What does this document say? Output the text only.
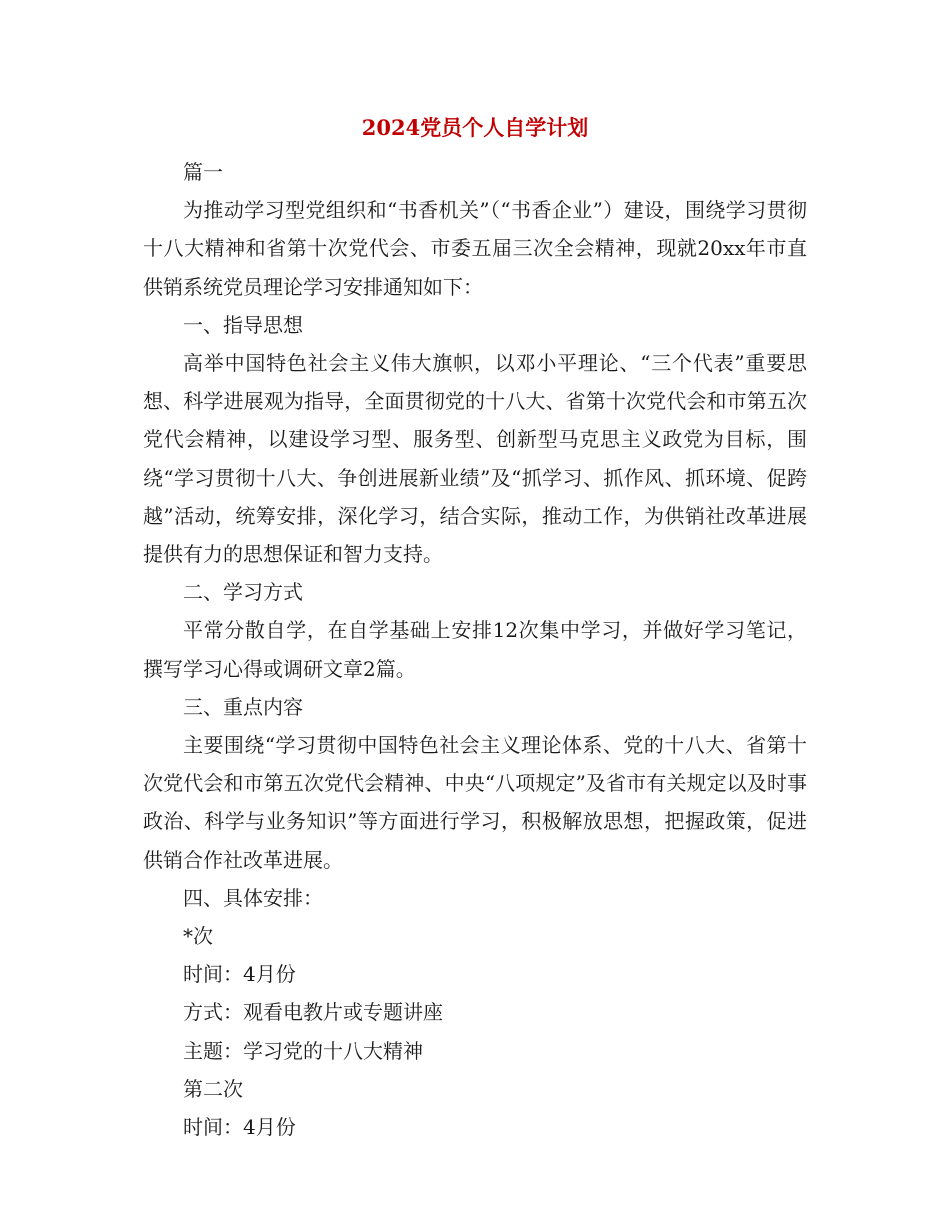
2024党员个人自学计划

篇一

为推动学习型党组织和“书香机关”（“书香企业”）建设，围绕学习贯彻十八大精神和省第十次党代会、市委五届三次全会精神，现就20xx年市直供销系统党员理论学习安排通知如下：

一、指导思想

高举中国特色社会主义伟大旗帜，以邓小平理论、“三个代表”重要思想、科学进展观为指导，全面贯彻党的十八大、省第十次党代会和市第五次党代会精神，以建设学习型、服务型、创新型马克思主义政党为目标，围绕“学习贯彻十八大、争创进展新业绩”及“抓学习、抓作风、抓环境、促跨越”活动，统筹安排，深化学习，结合实际，推动工作，为供销社改革进展提供有力的思想保证和智力支持。

二、学习方式

平常分散自学，在自学基础上安排12次集中学习，并做好学习笔记，撰写学习心得或调研文章2篇。

三、重点内容

主要围绕“学习贯彻中国特色社会主义理论体系、党的十八大、省第十次党代会和市第五次党代会精神、中央“八项规定”及省市有关规定以及时事政治、科学与业务知识”等方面进行学习，积极解放思想，把握政策，促进供销合作社改革进展。

四、具体安排：

*次

时间：4月份

方式：观看电教片或专题讲座

主题：学习党的十八大精神

第二次

时间：4月份
